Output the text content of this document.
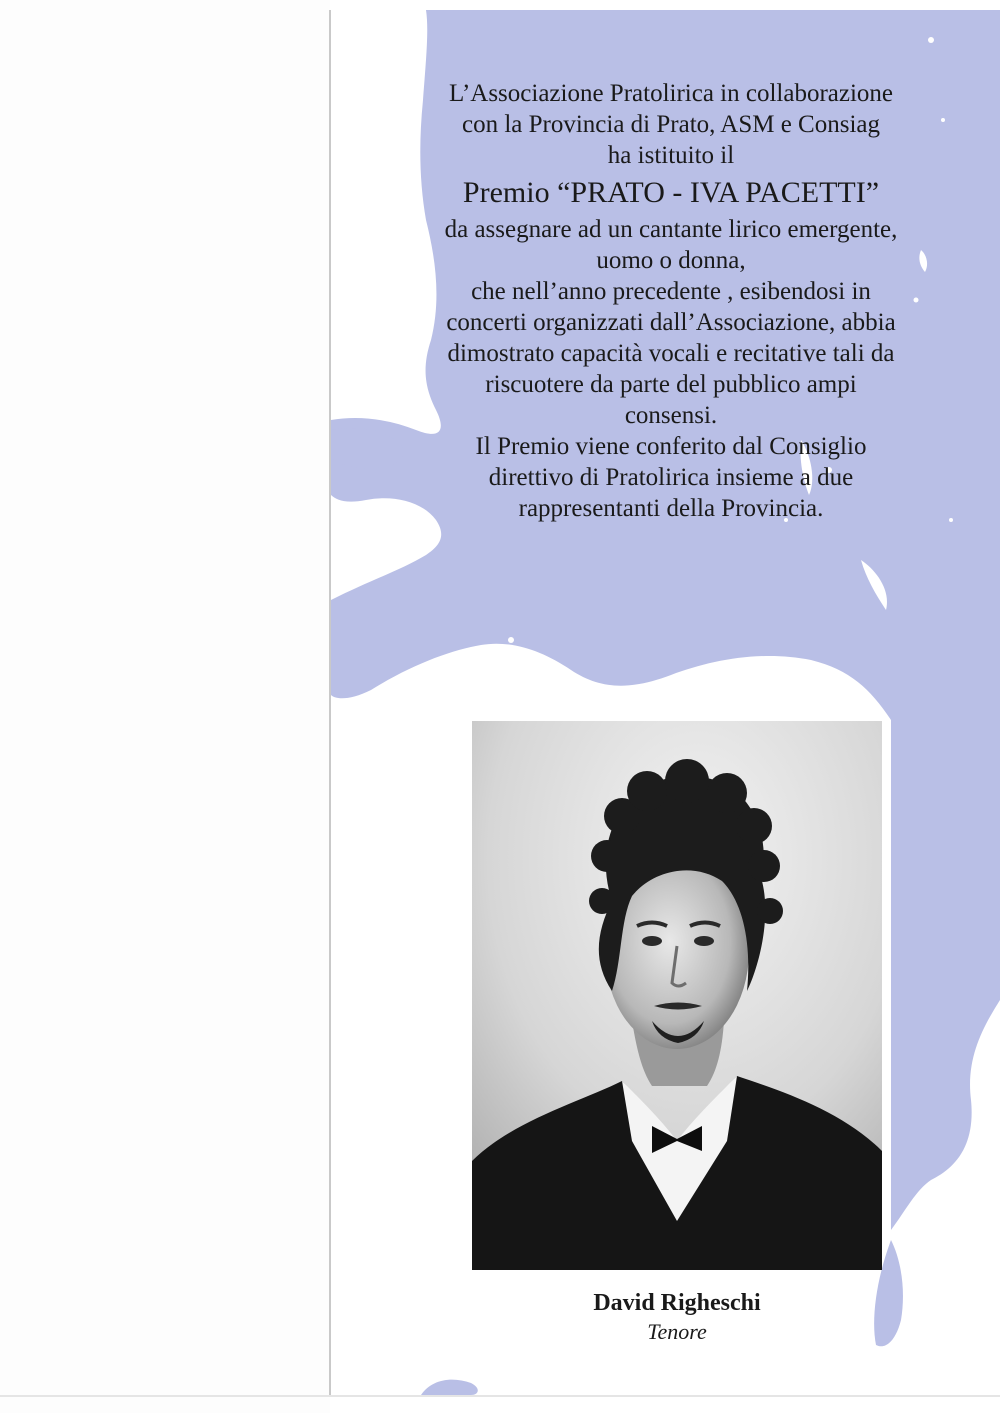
L’Associazione Pratolirica in collaborazione
con la Provincia di Prato, ASM e Consiag
ha istituito il
Premio “PRATO - IVA PACETTI”
da assegnare ad un cantante lirico emergente,
uomo o donna,
che nell’anno precedente , esibendosi in
concerti organizzati dall’Associazione, abbia
dimostrato capacità vocali e recitative tali da
riscuotere da parte del pubblico ampi
consensi.
Il Premio viene conferito dal Consiglio
direttivo di Pratolirica insieme a due
rappresentanti della Provincia.
David Righeschi
Tenore
